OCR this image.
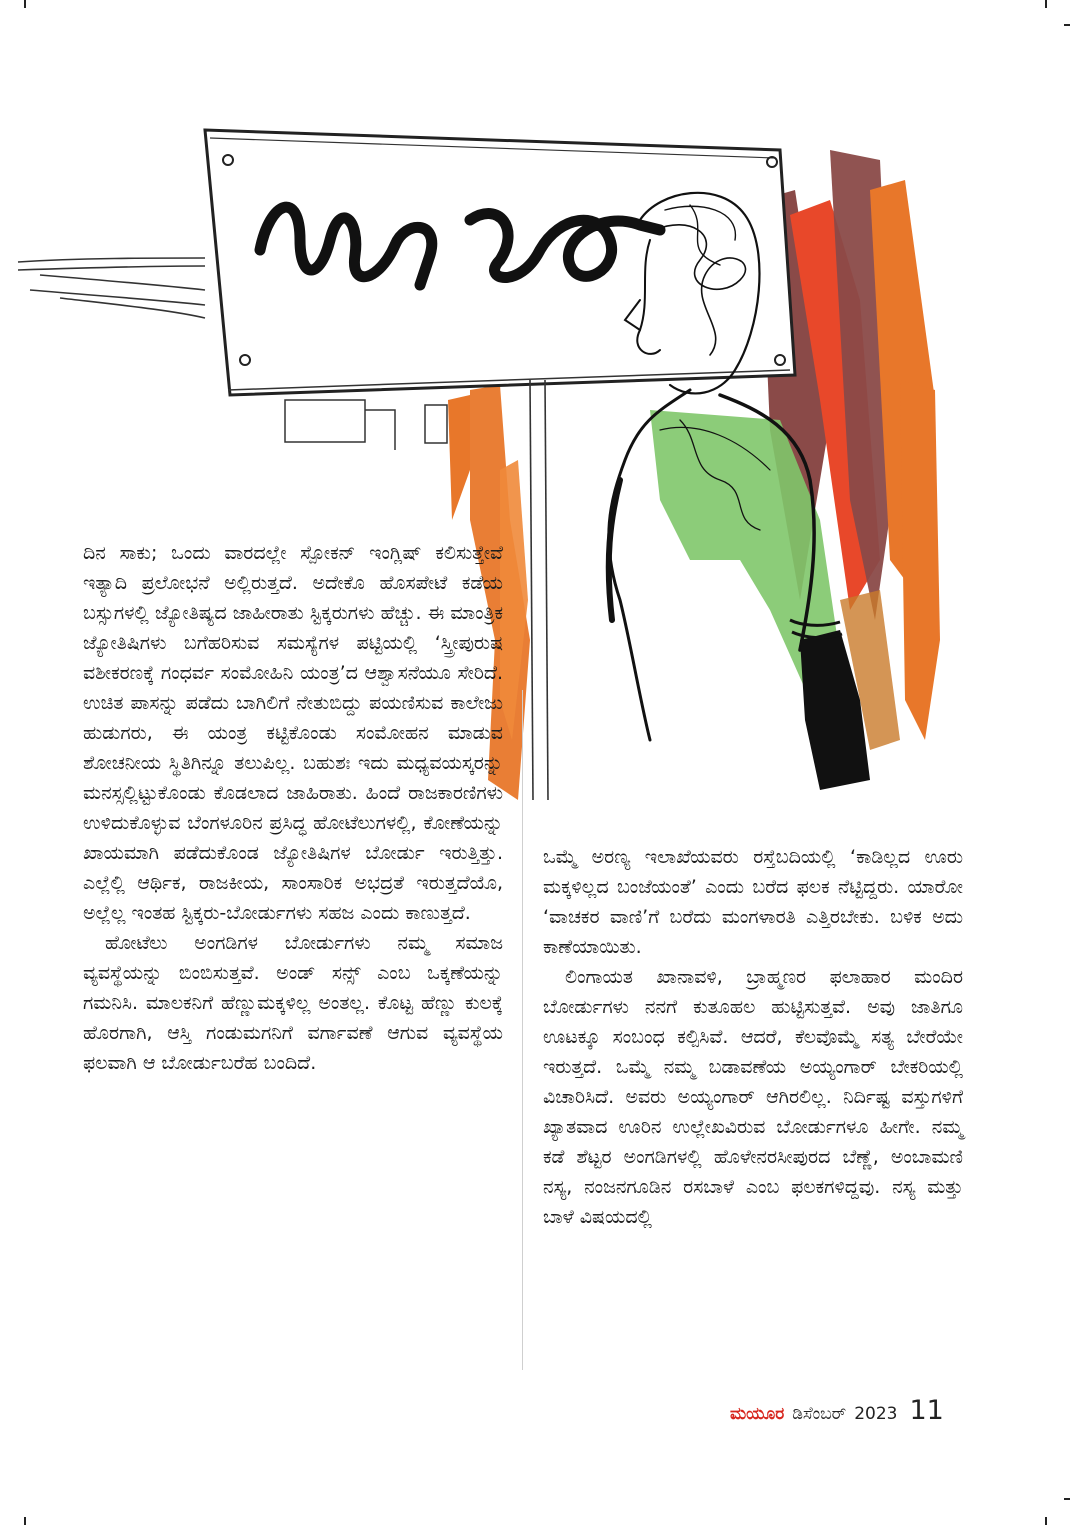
ದಿನ ಸಾಕು; ಒಂದು ವಾರದಲ್ಲೇ ಸ್ಪೋಕನ್ ಇಂಗ್ಲಿಷ್ ಕಲಿಸುತ್ತೇವೆ ಇತ್ಯಾದಿ ಪ್ರಲೋಭನೆ ಅಲ್ಲಿರುತ್ತದೆ. ಅದೇಕೊ ಹೊಸಪೇಟೆ ಕಡೆಯ ಬಸ್ಸುಗಳಲ್ಲಿ ಜ್ಯೋತಿಷ್ಯದ ಜಾಹೀರಾತು ಸ್ಟಿಕ್ಕರುಗಳು ಹೆಚ್ಚು. ಈ ಮಾಂತ್ರಿಕ ಜ್ಯೋತಿಷಿಗಳು ಬಗೆಹರಿಸುವ ಸಮಸ್ಯೆಗಳ ಪಟ್ಟಿಯಲ್ಲಿ ‘ಸ್ತ್ರೀಪುರುಷ ವಶೀಕರಣಕ್ಕೆ ಗಂಧರ್ವ ಸಂಮೋಹಿನಿ ಯಂತ್ರ’ದ ಆಶ್ವಾಸನೆಯೂ ಸೇರಿದೆ. ಉಚಿತ ಪಾಸನ್ನು ಪಡೆದು ಬಾಗಿಲಿಗೆ ನೇತುಬಿದ್ದು ಪಯಣಿಸುವ ಕಾಲೇಜು ಹುಡುಗರು, ಈ ಯಂತ್ರ ಕಟ್ಟಿಕೊಂಡು ಸಂಮೋಹನ ಮಾಡುವ ಶೋಚನೀಯ ಸ್ಥಿತಿಗಿನ್ನೂ ತಲುಪಿಲ್ಲ. ಬಹುಶಃ ಇದು ಮಧ್ಯವಯಸ್ಕರನ್ನು ಮನಸ್ಸಲ್ಲಿಟ್ಟುಕೊಂಡು ಕೊಡಲಾದ ಜಾಹಿರಾತು. ಹಿಂದೆ ರಾಜಕಾರಣಿಗಳು ಉಳಿದುಕೊಳ್ಳುವ ಬೆಂಗಳೂರಿನ ಪ್ರಸಿದ್ಧ ಹೋಟೆಲುಗಳಲ್ಲಿ, ಕೋಣೆಯನ್ನು ಖಾಯಮಾಗಿ ಪಡೆದುಕೊಂಡ ಜ್ಯೋತಿಷಿಗಳ ಬೋರ್ಡು ಇರುತ್ತಿತ್ತು. ಎಲ್ಲೆಲ್ಲಿ ಆರ್ಥಿಕ, ರಾಜಕೀಯ, ಸಾಂಸಾರಿಕ ಅಭದ್ರತೆ ಇರುತ್ತದೆಯೊ, ಅಲ್ಲೆಲ್ಲ ಇಂತಹ ಸ್ಟಿಕ್ಕರು-ಬೋರ್ಡುಗಳು ಸಹಜ ಎಂದು ಕಾಣುತ್ತದೆ.

ಹೋಟೆಲು ಅಂಗಡಿಗಳ ಬೋರ್ಡುಗಳು ನಮ್ಮ ಸಮಾಜ ವ್ಯವಸ್ಥೆಯನ್ನು ಬಿಂಬಿಸುತ್ತವೆ. ಅಂಡ್ ಸನ್ಸ್ ಎಂಬ ಒಕ್ಕಣೆಯನ್ನು ಗಮನಿಸಿ. ಮಾಲಕನಿಗೆ ಹೆಣ್ಣುಮಕ್ಕಳಿಲ್ಲ ಅಂತಲ್ಲ. ಕೊಟ್ಟ ಹೆಣ್ಣು ಕುಲಕ್ಕೆ ಹೊರಗಾಗಿ, ಆಸ್ತಿ ಗಂಡುಮಗನಿಗೆ ವರ್ಗಾವಣೆ ಆಗುವ ವ್ಯವಸ್ಥೆಯ ಫಲವಾಗಿ ಆ ಬೋರ್ಡುಬರೆಹ ಬಂದಿದೆ.

ಒಮ್ಮೆ ಅರಣ್ಯ ಇಲಾಖೆಯವರು ರಸ್ತೆಬದಿಯಲ್ಲಿ ‘ಕಾಡಿಲ್ಲದ ಊರು ಮಕ್ಕಳಿಲ್ಲದ ಬಂಜೆಯಂತೆ’ ಎಂದು ಬರೆದ ಫಲಕ ನೆಟ್ಟಿದ್ದರು. ಯಾರೋ ‘ವಾಚಕರ ವಾಣಿ’ಗೆ ಬರೆದು ಮಂಗಳಾರತಿ ಎತ್ತಿರಬೇಕು. ಬಳಿಕ ಅದು ಕಾಣೆಯಾಯಿತು.

ಲಿಂಗಾಯತ ಖಾನಾವಳಿ, ಬ್ರಾಹ್ಮಣರ ಫಲಾಹಾರ ಮಂದಿರ ಬೋರ್ಡುಗಳು ನನಗೆ ಕುತೂಹಲ ಹುಟ್ಟಿಸುತ್ತವೆ. ಅವು ಜಾತಿಗೂ ಊಟಕ್ಕೂ ಸಂಬಂಧ ಕಲ್ಪಿಸಿವೆ. ಆದರೆ, ಕೆಲವೊಮ್ಮೆ ಸತ್ಯ ಬೇರೆಯೇ ಇರುತ್ತದೆ. ಒಮ್ಮೆ ನಮ್ಮ ಬಡಾವಣೆಯ ಅಯ್ಯಂಗಾರ್ ಬೇಕರಿಯಲ್ಲಿ ವಿಚಾರಿಸಿದೆ. ಅವರು ಅಯ್ಯಂಗಾರ್ ಆಗಿರಲಿಲ್ಲ. ನಿರ್ದಿಷ್ಟ ವಸ್ತುಗಳಿಗೆ ಖ್ಯಾತವಾದ ಊರಿನ ಉಲ್ಲೇಖವಿರುವ ಬೋರ್ಡುಗಳೂ ಹೀಗೇ. ನಮ್ಮ ಕಡೆ ಶೆಟ್ಟರ ಅಂಗಡಿಗಳಲ್ಲಿ ಹೊಳೇನರಸೀಪುರದ ಬೆಣ್ಣೆ, ಅಂಬಾಮಣಿ ನಸ್ಯ, ನಂಜನಗೂಡಿನ ರಸಬಾಳೆ ಎಂಬ ಫಲಕಗಳಿದ್ದವು. ನಸ್ಯ ಮತ್ತು ಬಾಳೆ ವಿಷಯದಲ್ಲಿ

ಮಯೂರ ಡಿಸೆಂಬರ್ 2023 11
